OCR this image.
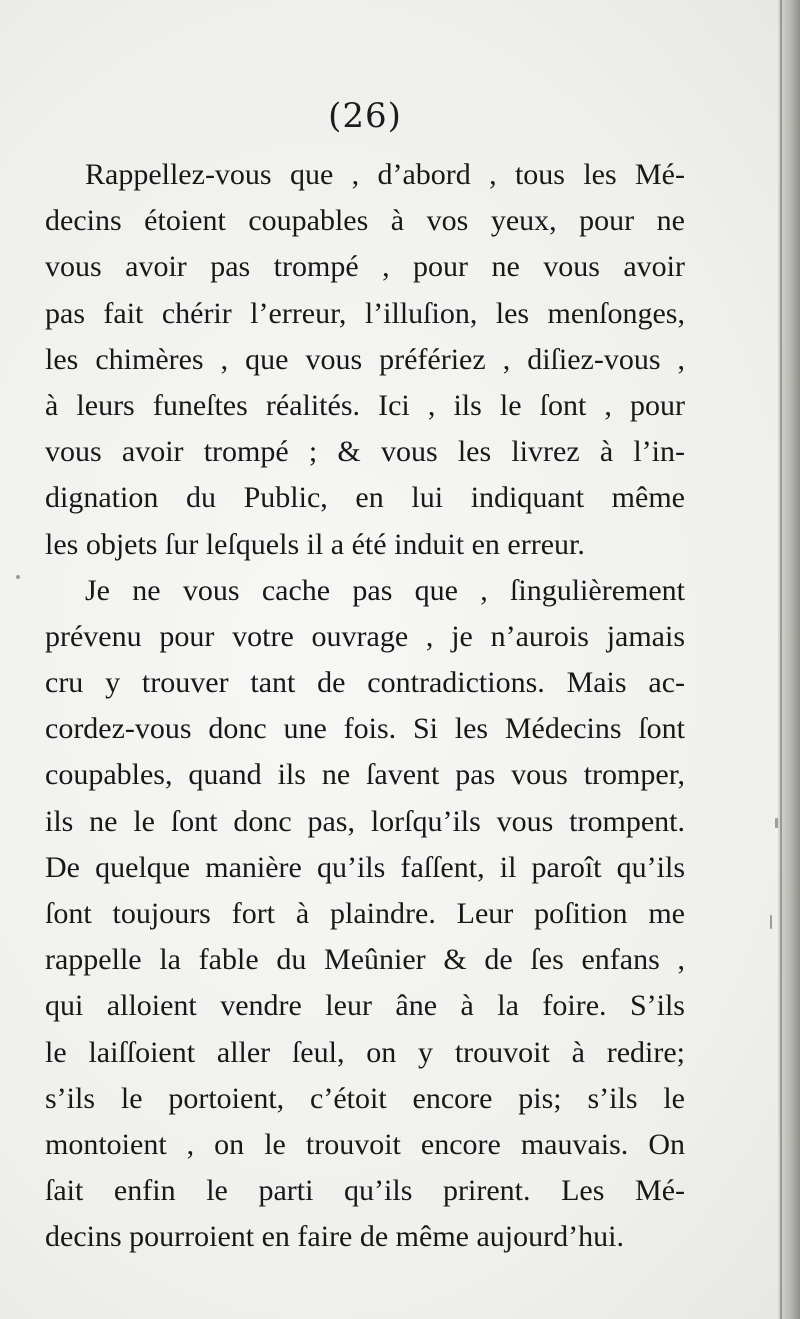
(26)
Rappellez-vous que , d’abord , tous les Mé-
decins étoient coupables à vos yeux, pour ne
vous avoir pas trompé , pour ne vous avoir
pas fait chérir l’erreur, l’illuſion, les menſonges,
les chimères , que vous préfériez , diſiez-vous ,
à leurs funeſtes réalités. Ici , ils le ſont , pour
vous avoir trompé ; & vous les livrez à l’in-
dignation du Public, en lui indiquant même
les objets ſur leſquels il a été induit en erreur.
Je ne vous cache pas que , ſingulièrement
prévenu pour votre ouvrage , je n’aurois jamais
cru y trouver tant de contradictions. Mais ac-
cordez-vous donc une fois. Si les Médecins ſont
coupables, quand ils ne ſavent pas vous tromper,
ils ne le ſont donc pas, lorſqu’ils vous trompent.
De quelque manière qu’ils faſſent, il paroît qu’ils
ſont toujours fort à plaindre. Leur poſition me
rappelle la fable du Meûnier & de ſes enfans ,
qui alloient vendre leur âne à la foire. S’ils
le laiſſoient aller ſeul, on y trouvoit à redire;
s’ils le portoient, c’étoit encore pis; s’ils le
montoient , on le trouvoit encore mauvais. On
ſait enfin le parti qu’ils prirent. Les Mé-
decins pourroient en faire de même aujourd’hui.
